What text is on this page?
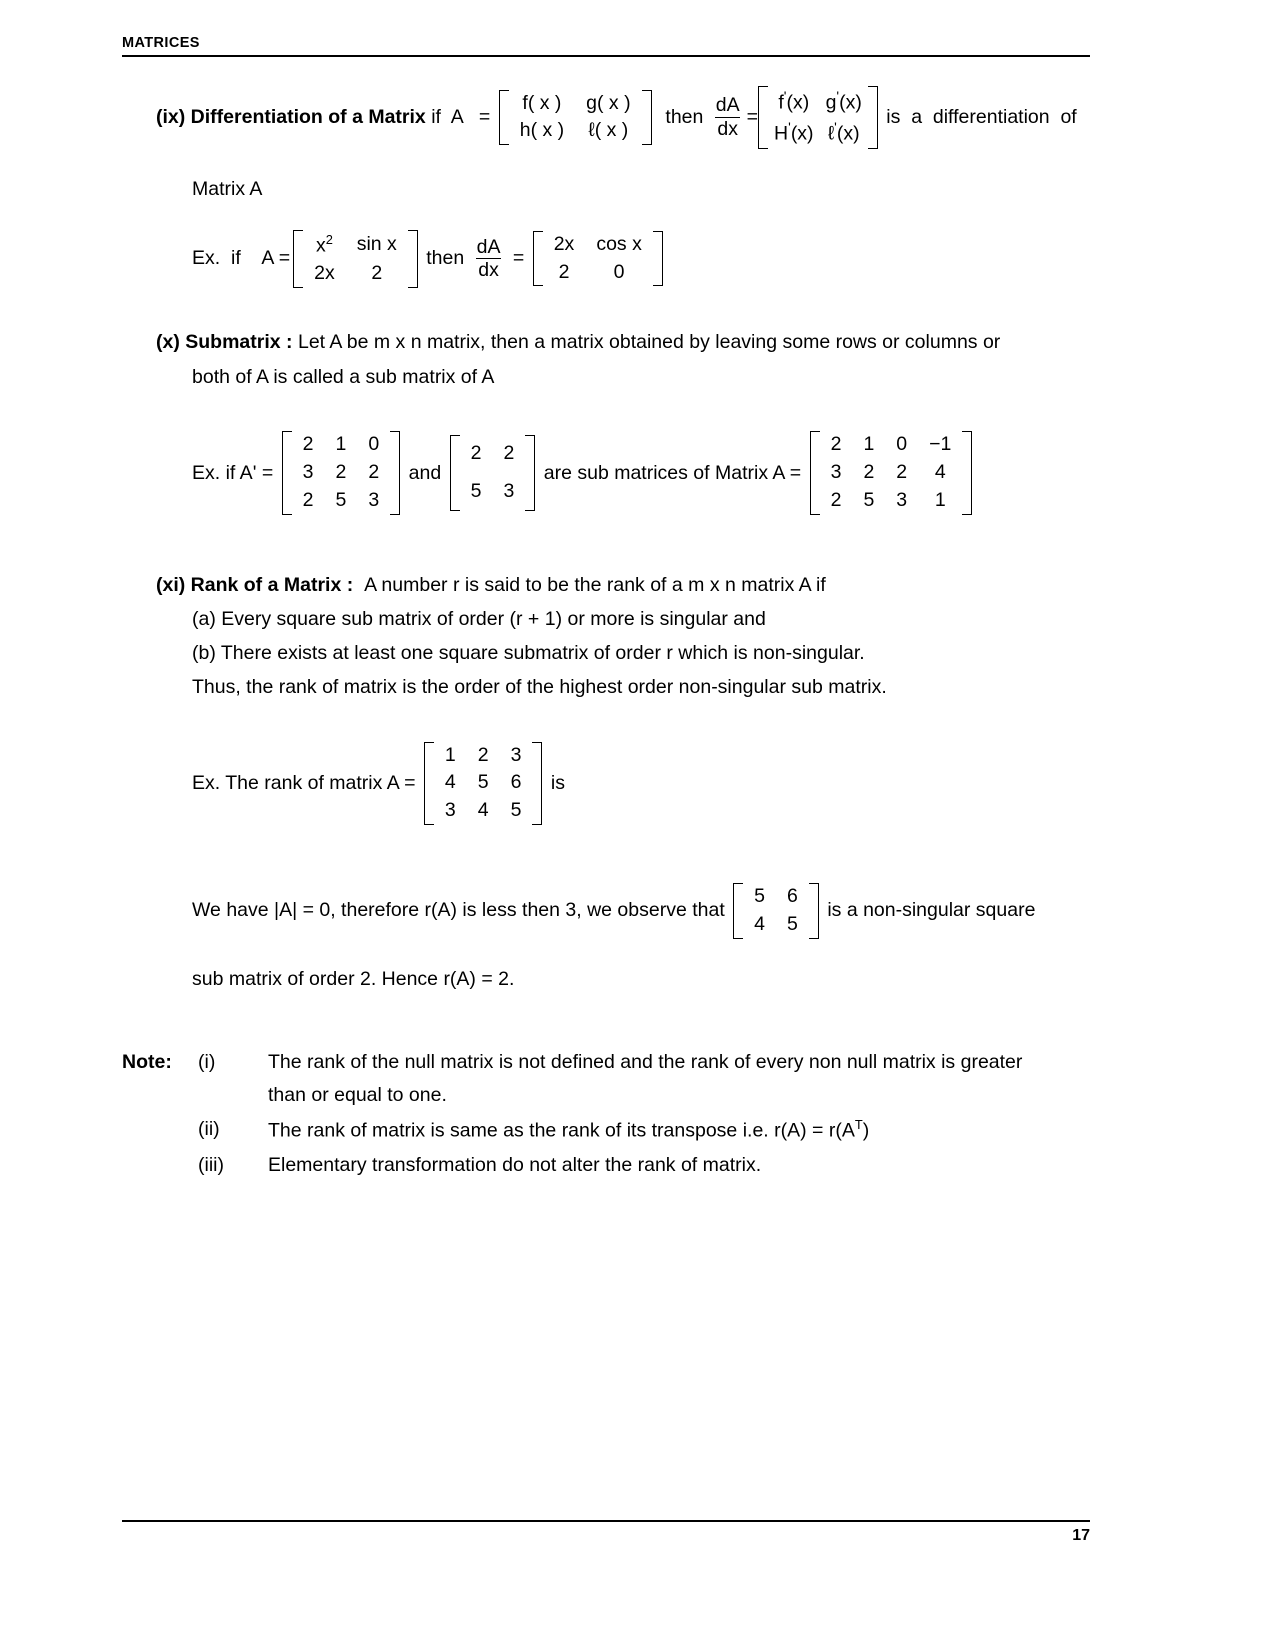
MATRICES
(ix)
Differentiation of a Matrix
if  A   =

f( x )	g( x )
h( x )	ℓ( x )

then
$\frac{dA}{dx}$ =
f'(x)	g'(x)
H'(x)	ℓ'(x)

is  a  differentiation  of
Matrix A
Ex.  if    A =
$x^2$	sin x
2x	2

then
$\frac{dA}{dx}$
=

2x	cos x
2	0
(x)
Submatrix :
Let A be m x n matrix, then a matrix obtained by leaving some rows or columns or
both of A is called a sub matrix of A
Ex. if A' =

2	1	0
3	2	2
2	5	3

and

2	2
5	3

are sub matrices of Matrix A =

2	1	0	−1
3	2	2	4
2	5	3	1
(xi)
Rank of a Matrix :
A number r is said to be the rank of a m x n matrix A if
(a) Every square sub matrix of order (r + 1) or more is singular and
(b) There exists at least one square submatrix of order r which is non-singular.
Thus, the rank of matrix is the order of the highest order non-singular sub matrix.
Ex. The rank of matrix A =

1	2	3
4	5	6
3	4	5

is
We have |A| = 0, therefore r(A) is less then 3, we observe that

5	6
4	5

is a non-singular square
sub matrix of order 2. Hence r(A) = 2.
Note:	(i)	The rank of the null matrix is not defined and the rank of every non null matrix is greater
than or equal to one.
(ii)	The rank of matrix is same as the rank of its transpose i.e. $r(A) = r(A^T)$
(iii)	Elementary transformation do not alter the rank of matrix.
17
